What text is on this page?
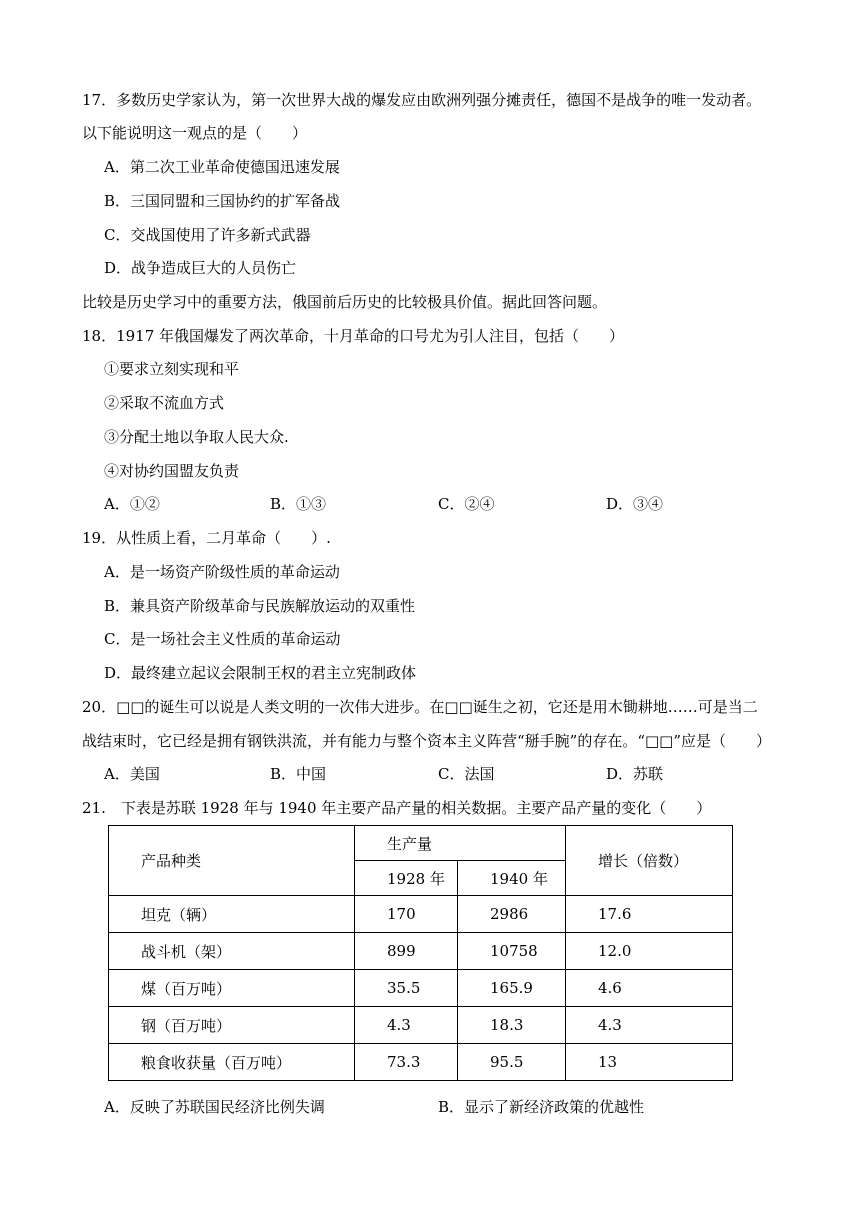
17．多数历史学家认为，第一次世界大战的爆发应由欧洲列强分摊责任，德国不是战争的唯一发动者。
以下能说明这一观点的是（　　）
A．第二次工业革命使德国迅速发展
B．三国同盟和三国协约的扩军备战
C．交战国使用了许多新式武器
D．战争造成巨大的人员伤亡
比较是历史学习中的重要方法，俄国前后历史的比较极具价值。据此回答问题。
18．1917 年俄国爆发了两次革命，十月革命的口号尤为引人注目，包括（　　）
①要求立刻实现和平
②采取不流血方式
③分配土地以争取人民大众.
④对协约国盟友负责
A．①②	B．①③	C．②④	D．③④
19．从性质上看，二月革命（　　）.
A．是一场资产阶级性质的革命运动
B．兼具资产阶级革命与民族解放运动的双重性
C．是一场社会主义性质的革命运动
D．最终建立起议会限制王权的君主立宪制政体
20．□□的诞生可以说是人类文明的一次伟大进步。在□□诞生之初，它还是用木锄耕地……可是当二
战结束时，它已经是拥有钢铁洪流，并有能力与整个资本主义阵营“掰手腕”的存在。“□□”应是（　　）
A．美国	B．中国	C．法国	D．苏联
21.　下表是苏联 1928 年与 1940 年主要产品产量的相关数据。主要产品产量的变化（　　）
产品种类	生产量		增长（倍数）
	1928 年	1940 年	
坦克（辆）	170	2986	17.6
战斗机（架）	899	10758	12.0
煤（百万吨）	35.5	165.9	4.6
钢（百万吨）	4.3	18.3	4.3
粮食收获量（百万吨）	73.3	95.5	13
A．反映了苏联国民经济比例失调	B．显示了新经济政策的优越性
